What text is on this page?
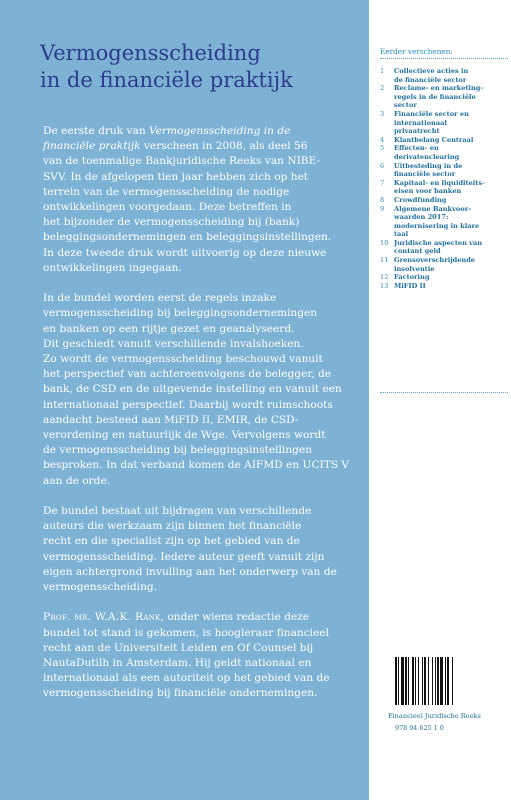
Vermogensscheiding
in de financiële praktijk

De eerste druk van Vermogensscheiding in de
financiële praktijk verscheen in 2008, als deel 56
van de toenmalige Bankjuridische Reeks van NIBE-
SVV. In de afgelopen tien jaar hebben zich op het
terrein van de vermogensscheiding de nodige
ontwikkelingen voorgedaan. Deze betreffen in
het bijzonder de vermogensscheiding bij (bank)
beleggingsondernemingen en beleggingsinstellingen.
In deze tweede druk wordt uitvoerig op deze nieuwe
ontwikkelingen ingegaan.

In de bundel worden eerst de regels inzake
vermogensscheiding bij beleggingsondernemingen
en banken op een rijtje gezet en geanalyseerd.
Dit geschiedt vanuit verschillende invalshoeken.
Zo wordt de vermogensscheiding beschouwd vanuit
het perspectief van achtereenvolgens de belegger, de
bank, de CSD en de uitgevende instelling en vanuit een
internationaal perspectief. Daarbij wordt ruimschoots
aandacht besteed aan MiFID II, EMIR, de CSD-
verordening en natuurlijk de Wge. Vervolgens wordt
de vermogensscheiding bij beleggingsinstellingen
besproken. In dat verband komen de AIFMD en UCITS V
aan de orde.

De bundel bestaat uit bijdragen van verschillende
auteurs die werkzaam zijn binnen het financiële
recht en die specialist zijn op het gebied van de
vermogensscheiding. Iedere auteur geeft vanuit zijn
eigen achtergrond invulling aan het onderwerp van de
vermogensscheiding.

Prof. mr. W.A.K. Rank, onder wiens redactie deze
bundel tot stand is gekomen, is hoogleraar financieel
recht aan de Universiteit Leiden en Of Counsel bij
NautaDutilh in Amsterdam. Hij geldt nationaal en
internationaal als een autoriteit op het gebied van de
vermogensscheiding bij financiële ondernemingen.

Eerder verschenen:
1 Collectieve acties in
de financiële sector
2 Reclame- en marketing-
regels in de financiële
sector
3 Financiële sector en
internationaal
privaatrecht
4 Klantbelang Centraal
5 Effecten- en
derivatenclearing
6 Uitbesteding in de
financiële sector
7 Kapitaal- en liquiditeits-
eisen voor banken
8 Crowdfunding
9 Algemene Bankvoor-
waarden 2017:
modernisering in klare
taal
10 Juridische aspecten van
contant geld
11 Grensoverschrijdende
insolventie
12 Factoring
13 MiFID II
Financieel Juridische Reeks
978 94 625 1 0
